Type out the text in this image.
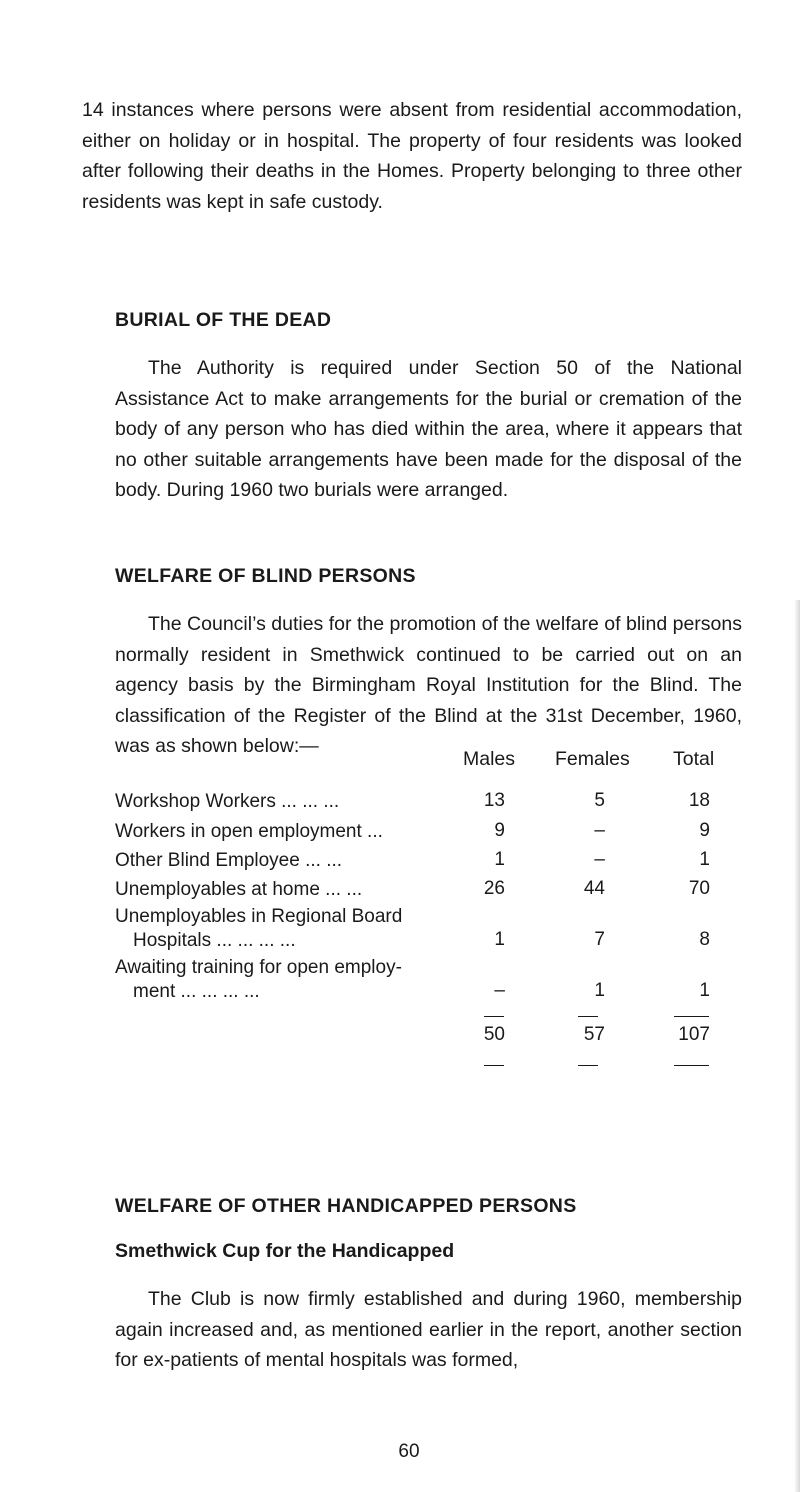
14 instances where persons were absent from residential accommodation, either on holiday or in hospital. The property of four residents was looked after following their deaths in the Homes. Property belonging to three other residents was kept in safe custody.

BURIAL OF THE DEAD

The Authority is required under Section 50 of the National Assistance Act to make arrangements for the burial or cremation of the body of any person who has died within the area, where it appears that no other suitable arrangements have been made for the disposal of the body. During 1960 two burials were arranged.

WELFARE OF BLIND PERSONS

The Council’s duties for the promotion of the welfare of blind persons normally resident in Smethwick continued to be carried out on an agency basis by the Birmingham Royal Institution for the Blind. The classification of the Register of the Blind at the 31st December, 1960, was as shown below:—

Males Females Total
Workshop Workers ... ... ...	13	5	18
Workers in open employment ...	9	–	9
Other Blind Employee ... ...	1	–	1
Unemployables at home ... ...	26	44	70
Unemployables in Regional Board
Hospitals ... ... ... ...	1	7	8
Awaiting training for open employ-
ment ... ... ... ...	–	1	1
50	57	107
WELFARE OF OTHER HANDICAPPED PERSONS
Smethwick Cup for the Handicapped

The Club is now firmly established and during 1960, membership again increased and, as mentioned earlier in the report, another section for ex-patients of mental hospitals was formed,

60
